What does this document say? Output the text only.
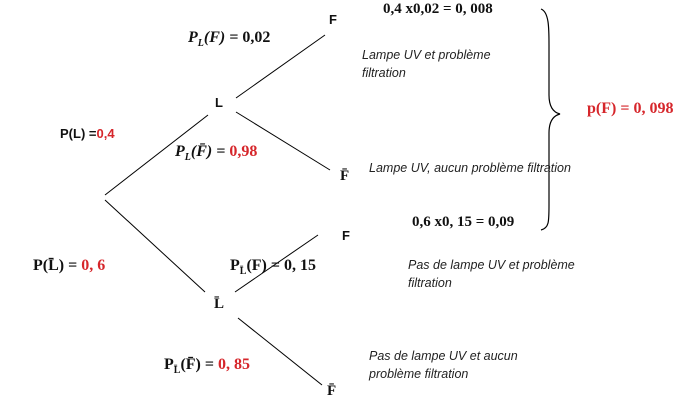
L
L̄
F
F̄
F
F̄
P(L) =0,4
P(L̄) = 0, 6
$P_L(F) = 0,02$
$P_L(F̄) = 0,98$
$P_{L̄}(F) = 0$, 15
$P_{L̄}(F̄) = 0$, 85
0,4 x0,02 = 0, 008
0,6 x0, 15 = 0,09
p(F) = 0, 098
Lampe UV et problème
filtration
Lampe UV, aucun problème filtration
Pas de lampe UV et problème
filtration
Pas de lampe UV et aucun
problème filtration
